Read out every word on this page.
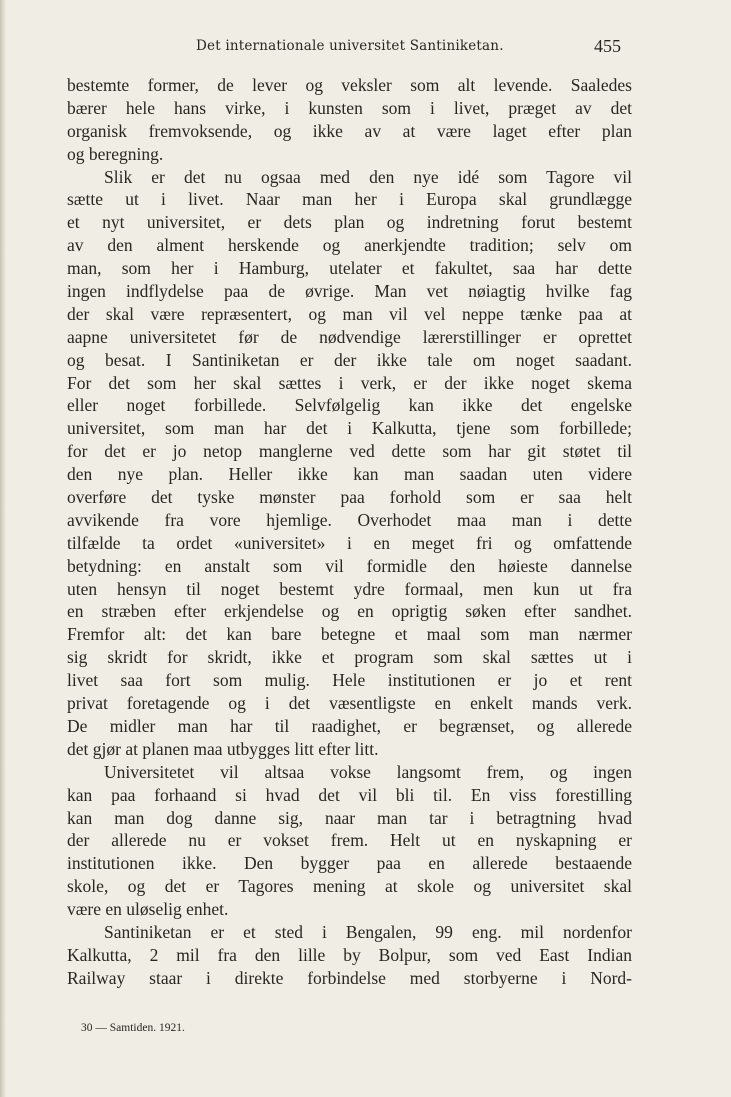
Det internationale universitet Santiniketan.	455
bestemte former, de lever og veksler som alt levende. Saaledes
bærer hele hans virke, i kunsten som i livet, præget av det
organisk fremvoksende, og ikke av at være laget efter plan
og beregning.
Slik er det nu ogsaa med den nye idé som Tagore vil
sætte ut i livet. Naar man her i Europa skal grundlægge
et nyt universitet, er dets plan og indretning forut bestemt
av den alment herskende og anerkjendte tradition; selv om
man, som her i Hamburg, utelater et fakultet, saa har dette
ingen indflydelse paa de øvrige. Man vet nøiagtig hvilke fag
der skal være repræsentert, og man vil vel neppe tænke paa at
aapne universitetet før de nødvendige lærerstillinger er oprettet
og besat. I Santiniketan er der ikke tale om noget saadant.
For det som her skal sættes i verk, er der ikke noget skema
eller noget forbillede. Selvfølgelig kan ikke det engelske
universitet, som man har det i Kalkutta, tjene som forbillede;
for det er jo netop manglerne ved dette som har git støtet til
den nye plan. Heller ikke kan man saadan uten videre
overføre det tyske mønster paa forhold som er saa helt
avvikende fra vore hjemlige. Overhodet maa man i dette
tilfælde ta ordet «universitet» i en meget fri og omfattende
betydning: en anstalt som vil formidle den høieste dannelse
uten hensyn til noget bestemt ydre formaal, men kun ut fra
en stræben efter erkjendelse og en oprigtig søken efter sandhet.
Fremfor alt: det kan bare betegne et maal som man nærmer
sig skridt for skridt, ikke et program som skal sættes ut i
livet saa fort som mulig. Hele institutionen er jo et rent
privat foretagende og i det væsentligste en enkelt mands verk.
De midler man har til raadighet, er begrænset, og allerede
det gjør at planen maa utbygges litt efter litt.
Universitetet vil altsaa vokse langsomt frem, og ingen
kan paa forhaand si hvad det vil bli til. En viss forestilling
kan man dog danne sig, naar man tar i betragtning hvad
der allerede nu er vokset frem. Helt ut en nyskapning er
institutionen ikke. Den bygger paa en allerede bestaaende
skole, og det er Tagores mening at skole og universitet skal
være en uløselig enhet.
Santiniketan er et sted i Bengalen, 99 eng. mil nordenfor
Kalkutta, 2 mil fra den lille by Bolpur, som ved East Indian
Railway staar i direkte forbindelse med storbyerne i Nord-
30 — Samtiden. 1921.
